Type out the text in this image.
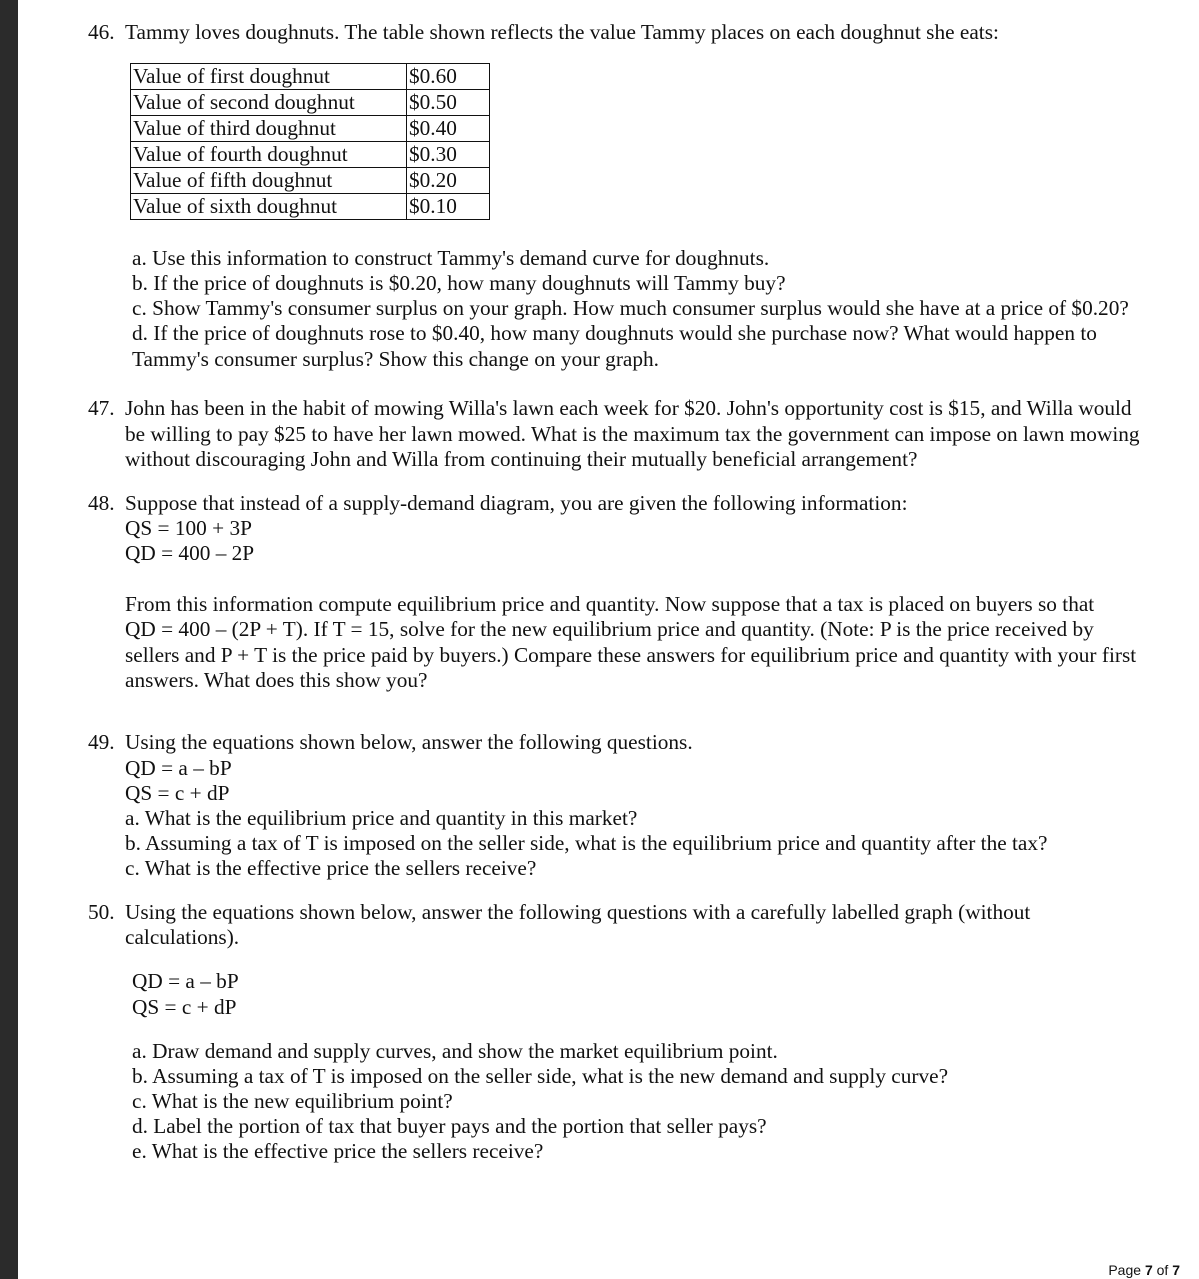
46. Tammy loves doughnuts. The table shown reflects the value Tammy places on each doughnut she eats:
Value of first doughnut	$0.60
Value of second doughnut	$0.50
Value of third doughnut	$0.40
Value of fourth doughnut	$0.30
Value of fifth doughnut	$0.20
Value of sixth doughnut	$0.10
a. Use this information to construct Tammy's demand curve for doughnuts.
b. If the price of doughnuts is $0.20, how many doughnuts will Tammy buy?
c. Show Tammy's consumer surplus on your graph. How much consumer surplus would she have at a price of $0.20?
d. If the price of doughnuts rose to $0.40, how many doughnuts would she purchase now? What would happen to
Tammy's consumer surplus? Show this change on your graph.
47. John has been in the habit of mowing Willa's lawn each week for $20. John's opportunity cost is $15, and Willa would
be willing to pay $25 to have her lawn mowed. What is the maximum tax the government can impose on lawn mowing
without discouraging John and Willa from continuing their mutually beneficial arrangement?
48. Suppose that instead of a supply-demand diagram, you are given the following information:
QS = 100 + 3P
QD = 400 – 2P
From this information compute equilibrium price and quantity. Now suppose that a tax is placed on buyers so that
QD = 400 – (2P + T). If T = 15, solve for the new equilibrium price and quantity. (Note: P is the price received by
sellers and P + T is the price paid by buyers.) Compare these answers for equilibrium price and quantity with your first
answers. What does this show you?
49. Using the equations shown below, answer the following questions.
QD = a – bP
QS = c + dP
a. What is the equilibrium price and quantity in this market?
b. Assuming a tax of T is imposed on the seller side, what is the equilibrium price and quantity after the tax?
c. What is the effective price the sellers receive?
50. Using the equations shown below, answer the following questions with a carefully labelled graph (without
calculations).
QD = a – bP
QS = c + dP
a. Draw demand and supply curves, and show the market equilibrium point.
b. Assuming a tax of T is imposed on the seller side, what is the new demand and supply curve?
c. What is the new equilibrium point?
d. Label the portion of tax that buyer pays and the portion that seller pays?
e. What is the effective price the sellers receive?
Page 7 of 7
